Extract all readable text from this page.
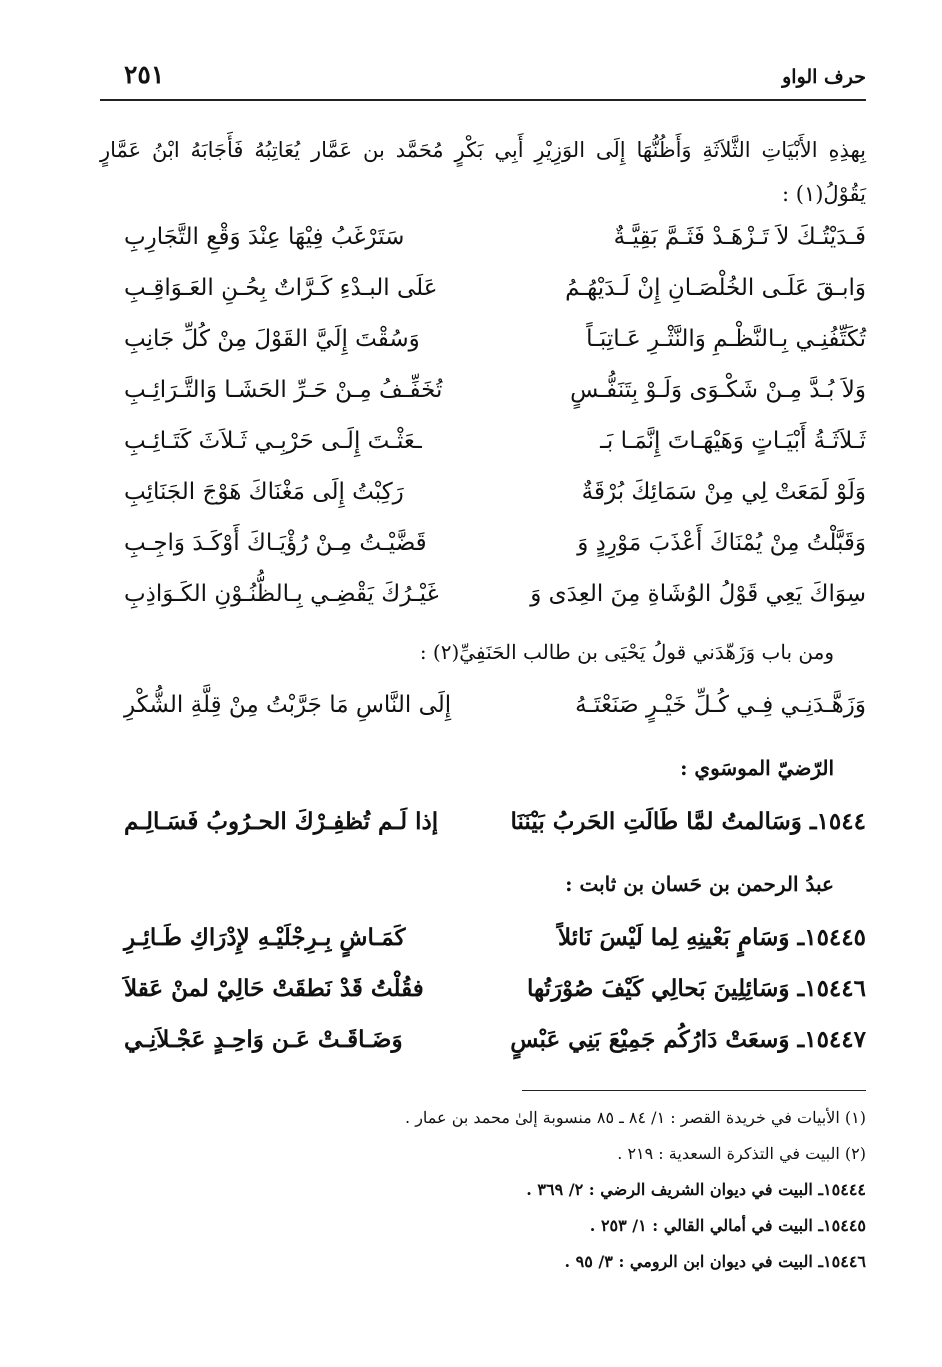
حرف الواو
٢٥١
بِهذِهِ الأَبْيَاتِ الثَّلاَثَةِ وَأَظُنُّهَا إِلَى الوَزِيْرِ أَبِي بَكْرٍ مُحَمَّد بن عَمَّار يُعَاتِبُهُ فَأَجَابَهُ ابْنُ عَمَّارٍ يَقُوْلُ(١) :
فَـدَيْتُـكَ لاَ تَـزْهَـدْ فَثَـمَّ بَقِيَّـةٌ
سَتَرْغَبُ فِيْهَا عِنْدَ وَقْعِ التَّجَارِبِ
وَابـقَ عَلَـى الخُلْصَـانِ إِنْ لَـدَيْهُـمُ
عَلَى البـدْءِ كَـرَّاتٌ بِحُـنِ العَـوَاقِـبِ
تُكَتِّفُنِـي بِـالنَّظْـمِ وَالنَّثْـرِ عَـاتِبَـاً
وَسُقْتَ إِلَيَّ القَوْلَ مِنْ كُلِّ جَانِبِ
وَلاَ بُـدَّ مِـنْ شَكْـوَى وَلَـوْ بِتَنَفُّـسٍ
تُخَفِّـفُ مِـنْ حَـرِّ الحَشَـا وَالتَّـرَائِـبِ
ثَـلاَثَـةُ أَبْيَـاتٍ وَهَيْهَـاتَ إِنَّمَـا بَـ
ـعَثْـتَ إِلَـى حَرْبِـي ثَـلاَثَ كَتَـائِـبِ
وَلَوْ لَمَعَتْ لِي مِنْ سَمَائِكَ بُرْقَةٌ
رَكِبْتُ إِلَى مَغْنَاكَ هَوْجَ الجَنَائِبِ
وَقَبَّلْتُ مِنْ يُمْنَاكَ أَعْذَبَ مَوْرِدٍ وَ
قَضَّيْـتُ مِـنْ رُؤْيَـاكَ أَوْكَـدَ وَاجِـبِ
سِوَاكَ يَعِي قَوْلُ الوُشَاةِ مِنَ العِدَى وَ
غَيْـرُكَ يَقْضِـي بِـالظُّنُـوْنِ الكَـوَاذِبِ
ومن باب وَزَهّدَني قولُ يَحْيَى بن طالب الحَنَفِيِّ(٢) :
وَزَهَّـدَنِـي فِـي كُـلِّ خَيْـرٍ صَنَعْتَـهُ
إِلَى النَّاسِ مَا جَرَّبْتُ مِنْ قِلَّةِ الشُّكْرِ
الرّضيّ الموسَوي :
١٥٤٤ـ وَسَالمتُ لمَّا طَالَتِ الحَربُ بَيْنَنَا
إذا لَـم تُظفِـرْكَ الحـرُوبُ فَسَـالِـم
عبدُ الرحمن بن حَسان بن ثابت :
١٥٤٤٥ـ وَسَامٍ بَعْينِهِ لِما لَيْسَ نَائلاً
كَمَـاشٍ بِـرِجْلَيْـهِ لإِدْرَاكِ طَـائِـرِ
١٥٤٤٦ـ وَسَائِلِينَ بَحالِي كَيْفَ صُوْرَتُها
فقُلْتُ قَدْ نَطقَتْ حَالِيْ لمنْ عَقلاَ
١٥٤٤٧ـ وَسعَتْ دَارُكُم جَمِيْعَ بَنِي عَبْسٍ
وَضَـاقَـتْ عَـن وَاحِـدٍ عَجْـلاَنِـي
(١) الأبيات في خريدة القصر : ١/ ٨٤ ـ ٨٥ منسوبة إلىٰ محمد بن عمار .
(٢) البيت في التذكرة السعدية : ٢١٩ .
١٥٤٤٤ـ البيت في ديوان الشريف الرضي : ٢/ ٣٦٩ .
١٥٤٤٥ـ البيت في أمالي القالي : ١/ ٢٥٣ .
١٥٤٤٦ـ البيت في ديوان ابن الرومي : ٣/ ٩٥ .
